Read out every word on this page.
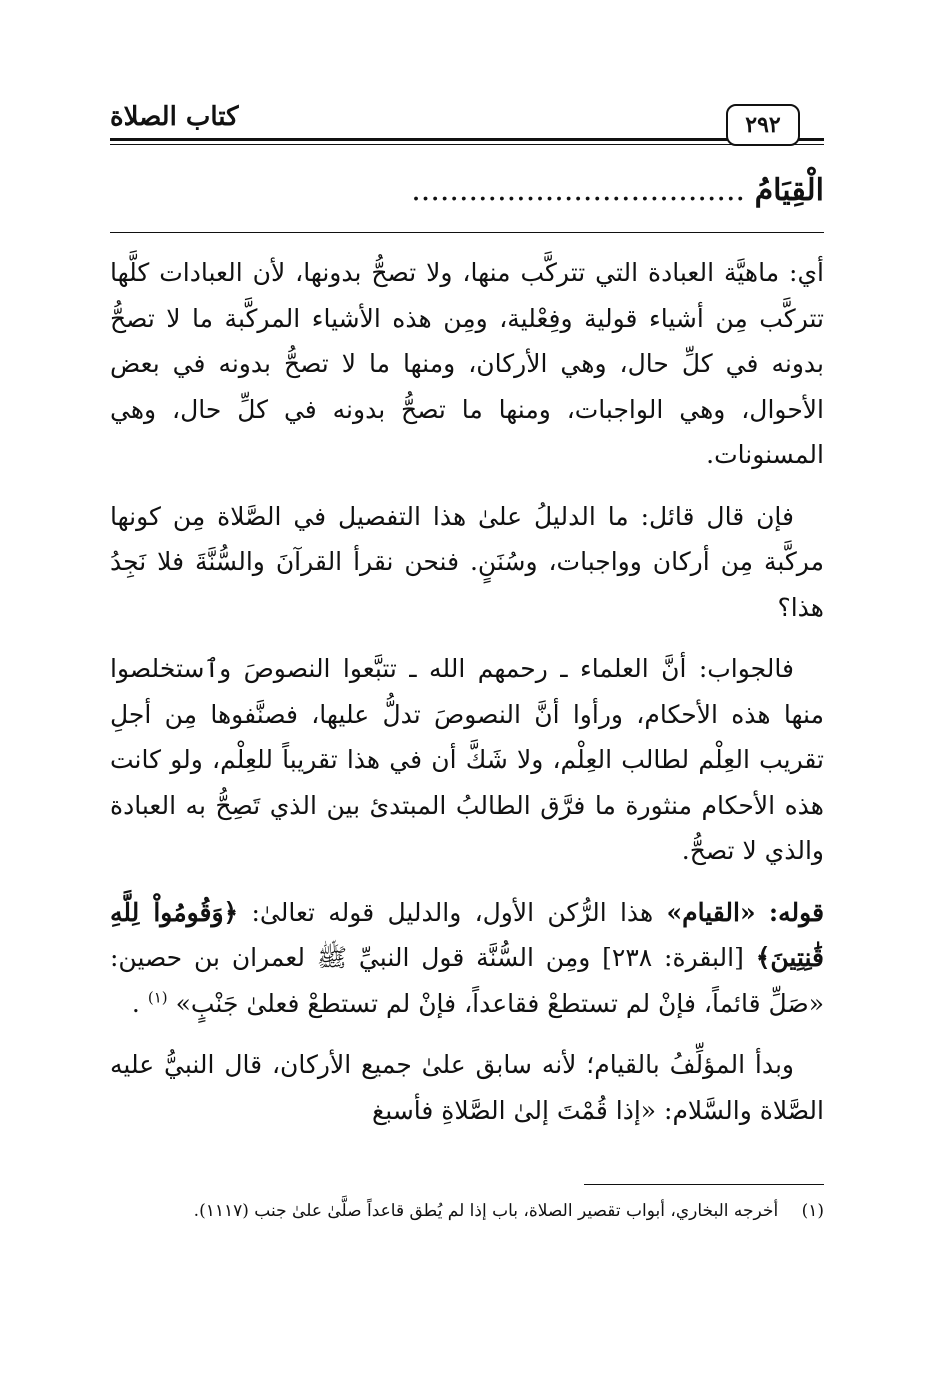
كتاب الصلاة	٢٩٢
الْقِيَامُ ...................................

أي: ماهيَّة العبادة التي تتركَّب منها، ولا تصحُّ بدونها، لأن العبادات كلَّها تتركَّب مِن أشياء قولية وفِعْلية، ومِن هذه الأشياء المركَّبة ما لا تصحُّ بدونه في كلِّ حال، وهي الأركان، ومنها ما لا تصحُّ بدونه في بعض الأحوال، وهي الواجبات، ومنها ما تصحُّ بدونه في كلِّ حال، وهي المسنونات.

فإن قال قائل: ما الدليلُ علىٰ هذا التفصيل في الصَّلاة مِن كونها مركَّبة مِن أركان وواجبات، وسُنَنٍ. فنحن نقرأ القرآنَ والسُّنَّةَ فلا نَجِدُ هذا؟

فالجواب: أنَّ العلماء ـ رحمهم الله ـ تتبَّعوا النصوصَ وٱستخلصوا منها هذه الأحكام، ورأوا أنَّ النصوصَ تدلُّ عليها، فصنَّفوها مِن أجلِ تقريب العِلْم لطالب العِلْم، ولا شَكَّ أن في هذا تقريباً للعِلْم، ولو كانت هذه الأحكام منثورة ما فرَّق الطالبُ المبتدئ بين الذي تَصِحُّ به العبادة والذي لا تصحُّ.

قوله: «القيام» هذا الرُّكن الأول، والدليل قوله تعالىٰ: ﴿وَقُومُواْ لِلَّهِ قَٰنِتِينَ﴾ [البقرة: ٢٣٨] ومِن السُّنَّة قول النبيِّ ﷺ لعمران بن حصين: «صَلِّ قائماً، فإنْ لم تستطعْ فقاعداً، فإنْ لم تستطعْ فعلىٰ جَنْبٍ» $^{(١)}$ .

وبدأ المؤلِّفُ بالقيام؛ لأنه سابق علىٰ جميع الأركان، قال النبيُّ عليه الصَّلاة والسَّلام: «إذا قُمْتَ إلىٰ الصَّلاةِ فأسبغ

(١) أخرجه البخاري، أبواب تقصير الصلاة، باب إذا لم يُطق قاعداً صلَّىٰ علىٰ جنب (١١١٧).
